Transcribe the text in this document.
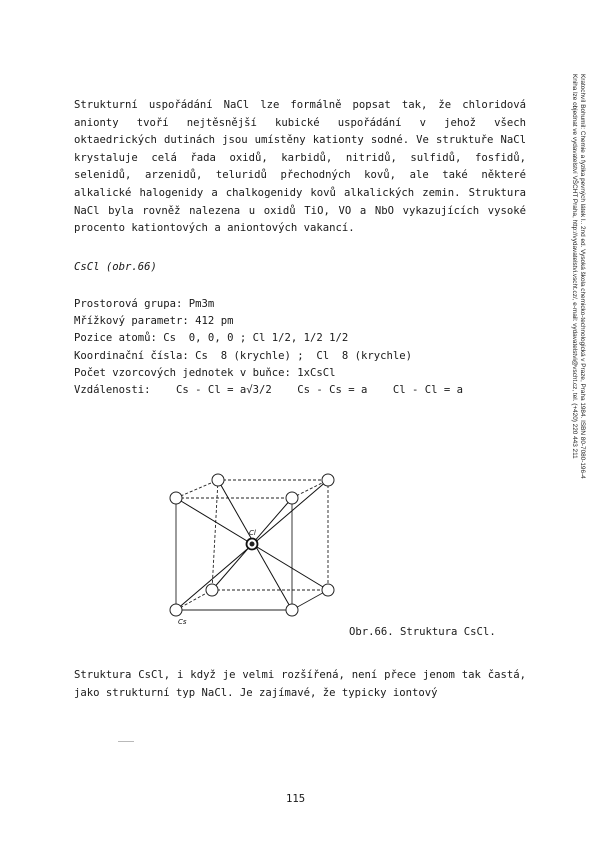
Strukturní uspořádání NaCl lze formálně popsat tak, že chloridová anionty tvoří nejtěsnější kubické uspořádání v jehož všech oktaedrických dutinách jsou umístěny kationty sodné. Ve struktuře NaCl krystaluje celá řada oxidů, karbidů, nitridů, sulfidů, fosfidů, selenidů, arzenidů, teluridů přechodných kovů, ale také některé alkalické halogenidy a chalkogenidy kovů alkalických zemin. Struktura NaCl byla rovněž nalezena u oxidů TiO, VO a NbO vykazujících vysoké procento kationtových a aniontových vakancí.
CsCl (obr.66)
Prostorová grupa: Pm3m
Mřížkový parametr: 412 pm
Pozice atomů: Cs  0, 0, 0 ; Cl 1/2, 1/2 1/2
Koordinační čísla: Cs  8 (krychle) ;  Cl  8 (krychle)
Počet vzorcových jednotek v buňce: 1xCsCl
Vzdálenosti:    Cs - Cl = a√3/2    Cs - Cs = a    Cl - Cl = a
Cl
Cs
Obr.66. Struktura CsCl.
Struktura CsCl, i když je velmi rozšířená, není přece jenom tak častá, jako strukturní typ NaCl. Je zajímavé, že typicky iontový
115
Kratochvíl Bohumil: Chemie a fyzika pevných látek I.. 2nd ed. Vysoká škola chemicko-technologická v Praze, Praha 1984. ISBN 80-7080-196-4
Kniha lze objednat ve vydavatelství VŠCHT Praha, http://vydavatelstvi.vscht.cz/, e-mail: vydavatelstvi@vscht.cz, tel. (+420) 220 443 211
